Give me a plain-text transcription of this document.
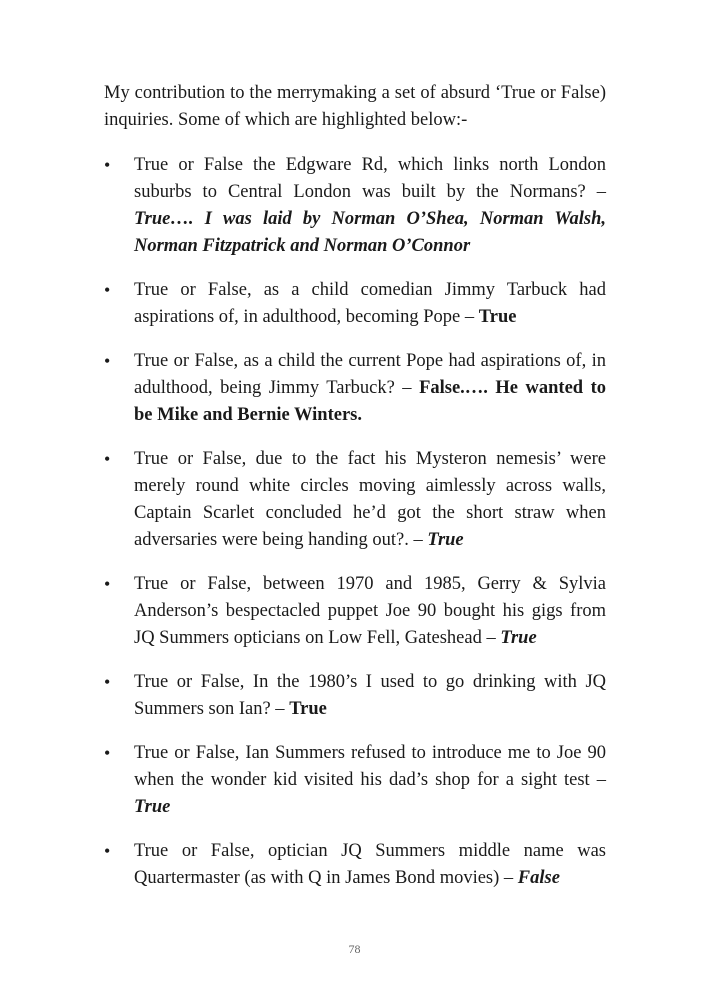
My contribution to the merrymaking a set of absurd ‘True or False) inquiries. Some of which are highlighted below:-

• True or False the Edgware Rd, which links north London suburbs to Central London was built by the Normans? – True…. I was laid by Norman O’Shea, Norman Walsh, Norman Fitzpatrick and Norman O’Connor
• True or False, as a child comedian Jimmy Tarbuck had aspirations of, in adulthood, becoming Pope – True
• True or False, as a child the current Pope had aspirations of, in adulthood, being Jimmy Tarbuck? – False.…. He wanted to be Mike and Bernie Winters.
• True or False, due to the fact his Mysteron nemesis’ were merely round white circles moving aimlessly across walls, Captain Scarlet concluded he’d got the short straw when adversaries were being handing out?. – True
• True or False, between 1970 and 1985, Gerry & Sylvia Anderson’s bespectacled puppet Joe 90 bought his gigs from JQ Summers opticians on Low Fell, Gateshead – True
• True or False, In the 1980’s I used to go drinking with JQ Summers son Ian? – True
• True or False, Ian Summers refused to introduce me to Joe 90 when the wonder kid visited his dad’s shop for a sight test – True
• True or False, optician JQ Summers middle name was Quartermaster (as with Q in James Bond movies) – False
78
